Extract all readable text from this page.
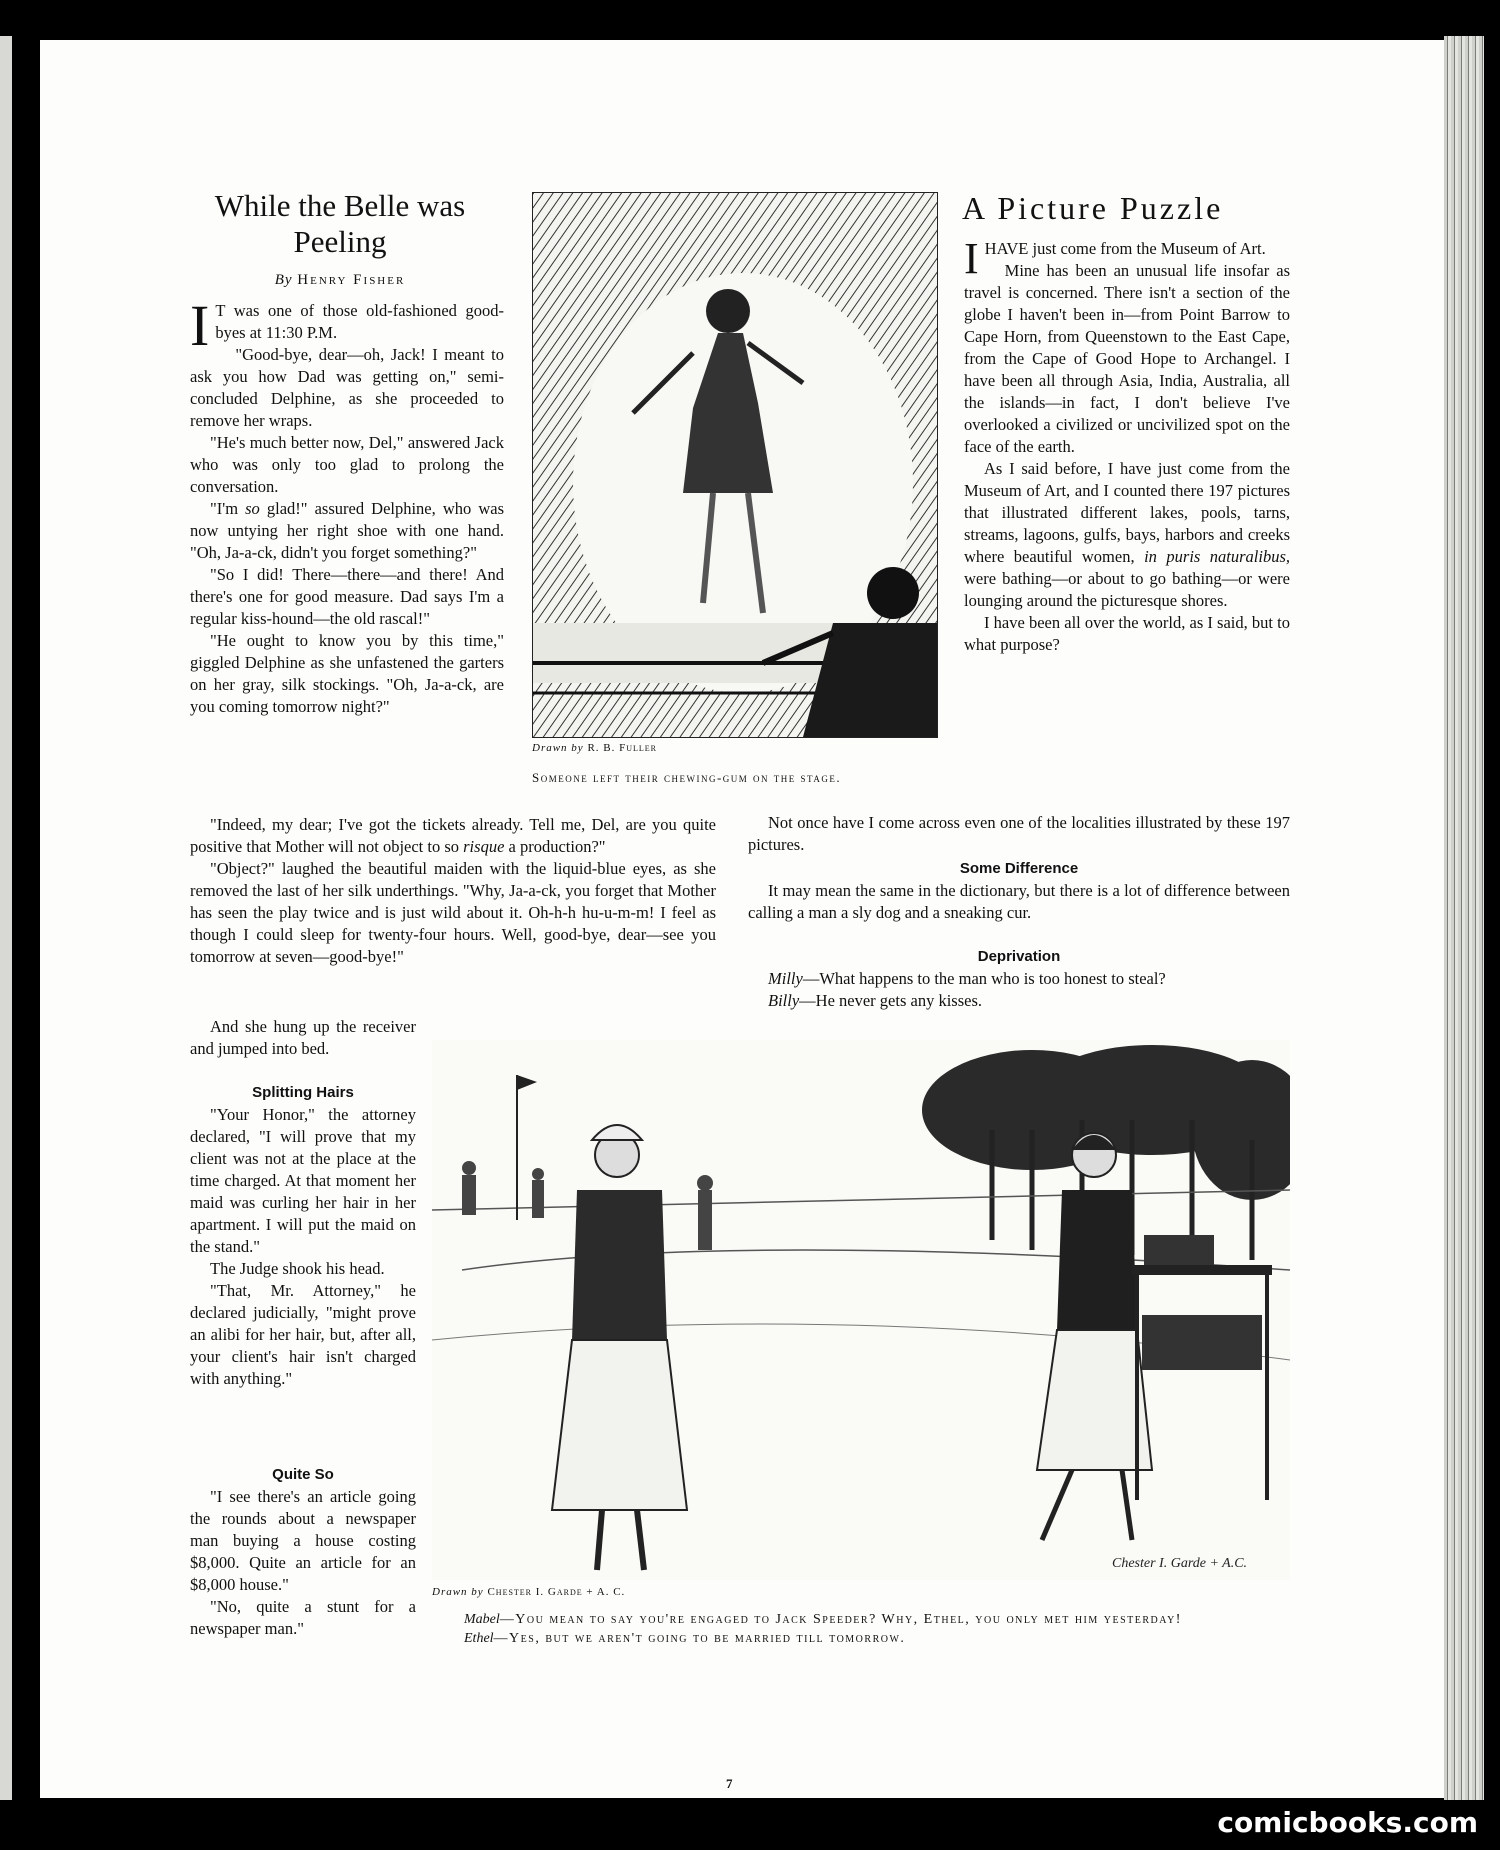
While the Belle was Peeling
By Henry Fisher

I T was one of those old-fashioned good-byes at 11:30 P.M.

"Good-bye, dear—oh, Jack! I meant to ask you how Dad was getting on," semi-concluded Delphine, as she proceeded to remove her wraps.

"He's much better now, Del," answered Jack who was only too glad to prolong the conversation.

"I'm so glad!" assured Delphine, who was now untying her right shoe with one hand. "Oh, Ja-a-ck, didn't you forget something?"

"So I did! There—there—and there! And there's one for good measure. Dad says I'm a regular kiss-hound—the old rascal!"

"He ought to know you by this time," giggled Delphine as she unfastened the garters on her gray, silk stockings. "Oh, Ja-a-ck, are you coming tomorrow night?"

"Indeed, my dear; I've got the tickets already. Tell me, Del, are you quite positive that Mother will not object to so risque a production?"

"Object?" laughed the beautiful maiden with the liquid-blue eyes, as she removed the last of her silk underthings. "Why, Ja-a-ck, you forget that Mother has seen the play twice and is just wild about it. Oh-h-h hu-u-m-m! I feel as though I could sleep for twenty-four hours. Well, good-bye, dear—see you tomorrow at seven—good-bye!"

And she hung up the receiver and jumped into bed.

Drawn by R. B. Fuller
Someone left their chewing-gum on the stage.
A Picture Puzzle

IHAVE just come from the Museum of Art.

Mine has been an unusual life insofar as travel is concerned. There isn't a section of the globe I haven't been in—from Point Barrow to Cape Horn, from Queenstown to the East Cape, from the Cape of Good Hope to Archangel. I have been all through Asia, India, Australia, all the islands—in fact, I don't believe I've overlooked a civilized or uncivilized spot on the face of the earth.

As I said before, I have just come from the Museum of Art, and I counted there 197 pictures that illustrated different lakes, pools, tarns, streams, lagoons, gulfs, bays, harbors and creeks where beautiful women, in puris naturalibus, were bathing—or about to go bathing—or were lounging around the picturesque shores.

I have been all over the world, as I said, but to what purpose?

Not once have I come across even one of the localities illustrated by these 197 pictures.

Some Difference

It may mean the same in the dictionary, but there is a lot of difference between calling a man a sly dog and a sneaking cur.

Deprivation

Milly—What happens to the man who is too honest to steal?

Billy—He never gets any kisses.

Splitting Hairs

"Your Honor," the attorney declared, "I will prove that my client was not at the place at the time charged. At that moment her maid was curling her hair in her apartment. I will put the maid on the stand."

The Judge shook his head.

"That, Mr. Attorney," he declared judicially, "might prove an alibi for her hair, but, after all, your client's hair isn't charged with anything."

Quite So

"I see there's an article going the rounds about a newspaper man buying a house costing $8,000. Quite an article for an $8,000 house."

"No, quite a stunt for a newspaper man."

Chester I. Garde + A.C.
Drawn by Chester I. Garde + A. C.
Mabel—You mean to say you're engaged to Jack Speeder? Why, Ethel, you only met him yesterday!
Ethel—Yes, but we aren't going to be married till tomorrow.
7
comicbooks.com
